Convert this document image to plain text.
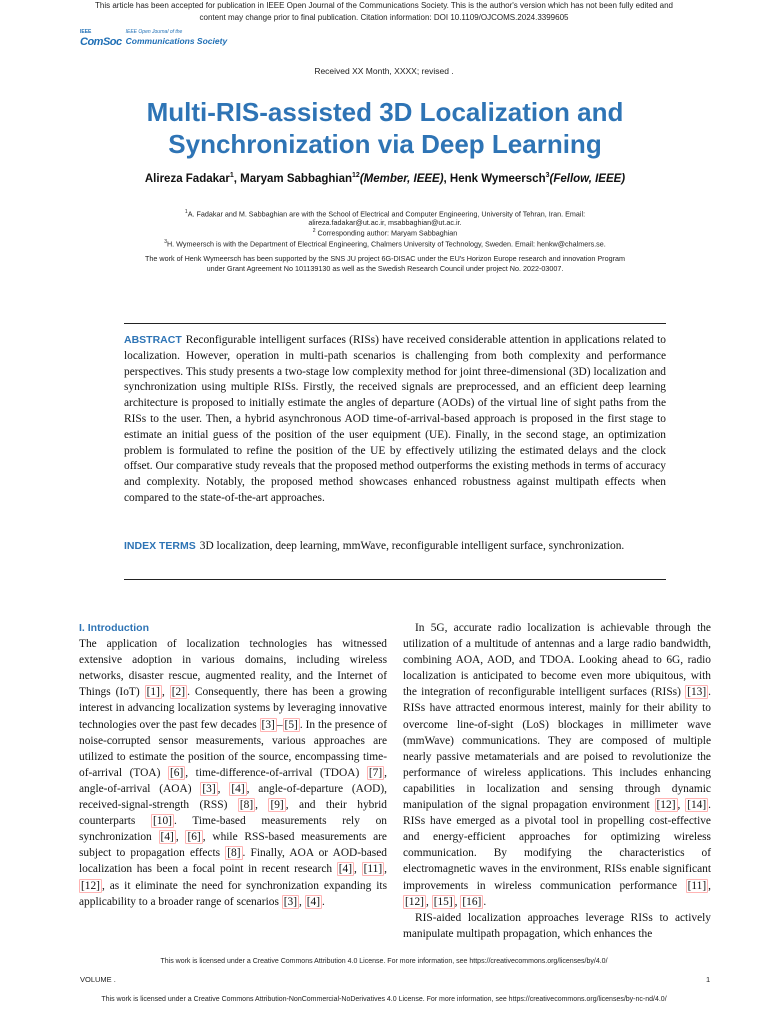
This article has been accepted for publication in IEEE Open Journal of the Communications Society. This is the author's version which has not been fully edited and
content may change prior to final publication. Citation information: DOI 10.1109/OJCOMS.2024.3399605
IEEE
ComSoc
IEEE Open Journal of the
Communications Society
Received XX Month, XXXX; revised .
Multi-RIS-assisted 3D Localization and Synchronization via Deep Learning
Alireza Fadakar$^1$, Maryam Sabbaghian$^{12}$(Member, IEEE), Henk Wymeersch$^3$(Fellow, IEEE)
$^1$A. Fadakar and M. Sabbaghian are with the School of Electrical and Computer Engineering, University of Tehran, Iran. Email:
alireza.fadakar@ut.ac.ir, msabbaghian@ut.ac.ir.
$^2$ Corresponding author: Maryam Sabbaghian
$^3$H. Wymeersch is with the Department of Electrical Engineering, Chalmers University of Technology, Sweden. Email: henkw@chalmers.se.
The work of Henk Wymeersch has been supported by the SNS JU project 6G-DISAC under the EU's Horizon Europe research and innovation Program under Grant Agreement No 101139130 as well as the Swedish Research Council under project No. 2022-03007.
ABSTRACT Reconfigurable intelligent surfaces (RISs) have received considerable attention in applications related to localization. However, operation in multi-path scenarios is challenging from both complexity and performance perspectives. This study presents a two-stage low complexity method for joint three-dimensional (3D) localization and synchronization using multiple RISs. Firstly, the received signals are preprocessed, and an efficient deep learning architecture is proposed to initially estimate the angles of departure (AODs) of the virtual line of sight paths from the RISs to the user. Then, a hybrid asynchronous AOD time-of-arrival-based approach is proposed in the first stage to estimate an initial guess of the position of the user equipment (UE). Finally, in the second stage, an optimization problem is formulated to refine the position of the UE by effectively utilizing the estimated delays and the clock offset. Our comparative study reveals that the proposed method outperforms the existing methods in terms of accuracy and complexity. Notably, the proposed method showcases enhanced robustness against multipath effects when compared to the state-of-the-art approaches.
INDEX TERMS 3D localization, deep learning, mmWave, reconfigurable intelligent surface, synchronization.
I. Introduction

The application of localization technologies has witnessed extensive adoption in various domains, including wireless networks, disaster rescue, augmented reality, and the Internet of Things (IoT) [1] , [2] . Consequently, there has been a growing interest in advancing localization systems by leveraging innovative technologies over the past few decades [3] – [5] . In the presence of noise-corrupted sensor measurements, various approaches are utilized to estimate the position of the source, encompassing time-of-arrival (TOA) [6] , time-difference-of-arrival (TDOA) [7] , angle-of-arrival (AOA) [3] , [4] , angle-of-departure (AOD), received-signal-strength (RSS) [8] , [9] , and their hybrid counterparts [10] . Time-based measurements rely on synchronization [4] , [6] , while RSS-based measurements are subject to propagation effects [8] . Finally, AOA or AOD-based localization has been a focal point in recent research [4] , [11] , [12] , as it eliminate the need for synchronization expanding its applicability to a broader range of scenarios [3] , [4] .

In 5G, accurate radio localization is achievable through the utilization of a multitude of antennas and a large radio bandwidth, combining AOA, AOD, and TDOA. Looking ahead to 6G, radio localization is anticipated to become even more ubiquitous, with the integration of reconfigurable intelligent surfaces (RISs) [13] . RISs have attracted enormous interest, mainly for their ability to overcome line-of-sight (LoS) blockages in millimeter wave (mmWave) communications. They are composed of multiple nearly passive metamaterials and are poised to revolutionize the performance of wireless applications. This includes enhancing capabilities in localization and sensing through dynamic manipulation of the signal propagation environment [12] , [14] . RISs have emerged as a pivotal tool in propelling cost-effective and energy-efficient approaches for optimizing wireless communication. By modifying the characteristics of electromagnetic waves in the environment, RISs enable significant improvements in wireless communication performance [11] , [12] , [15] , [16] .

RIS-aided localization approaches leverage RISs to actively manipulate multipath propagation, which enhances the

This work is licensed under a Creative Commons Attribution 4.0 License. For more information, see https://creativecommons.org/licenses/by/4.0/
VOLUME .	1
This work is licensed under a Creative Commons Attribution-NonCommercial-NoDerivatives 4.0 License. For more information, see https://creativecommons.org/licenses/by-nc-nd/4.0/
